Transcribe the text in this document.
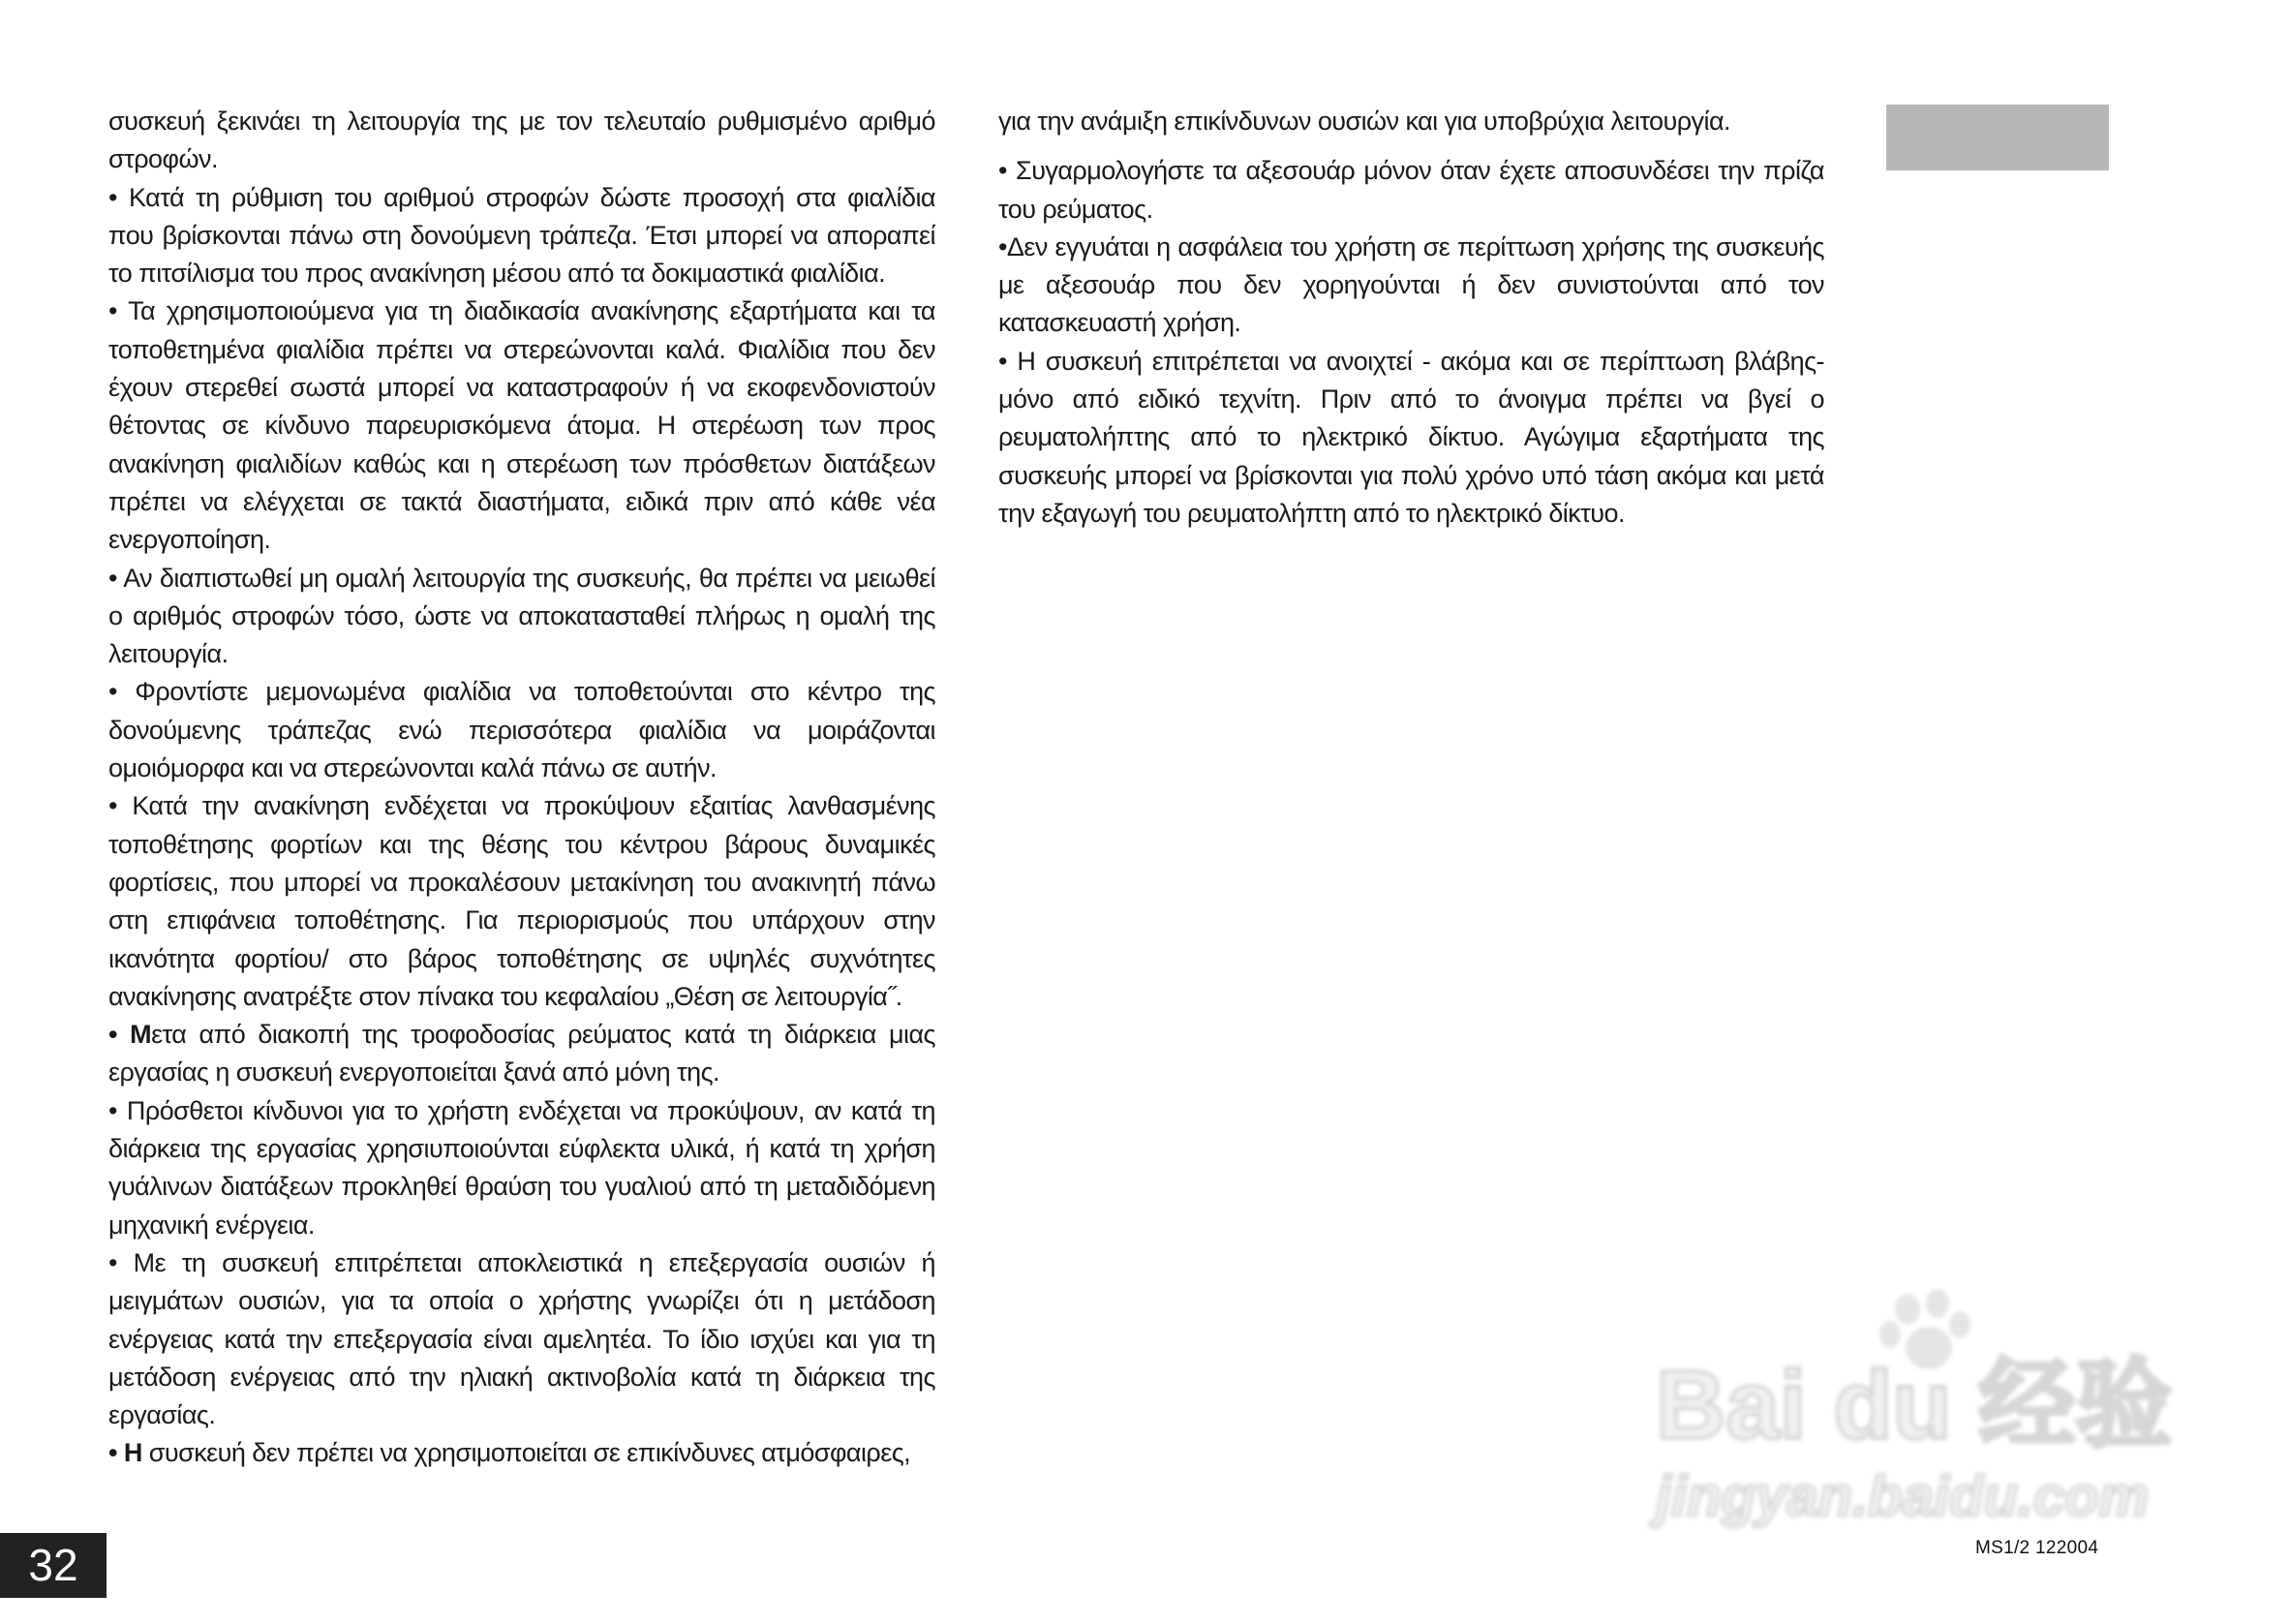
συσκευή ξεκινάει τη λειτουργία της με τον τελευταίο ρυθμισμένο αριθμό στροφών.

• Κατά τη ρύθμιση του αριθμού στροφών δώστε προσοχή στα φιαλίδια που βρίσκονται πάνω στη δονούμενη τράπεζα. Έτσι μπορεί να αποραπεί το πιτσίλισμα του προς ανακίνηση μέσου από τα δοκιμαστικά φιαλίδια.

• Τα χρησιμοποιούμενα για τη διαδικασία ανακίνησης εξαρτήματα και τα τοποθετημένα φιαλίδια πρέπει να στερεώνονται καλά. Φιαλίδια που δεν έχουν στερεθεί σωστά μπορεί να καταστραφούν ή να εκοφενδονιστούν θέτοντας σε κίνδυνο παρευρισκόμενα άτομα. Η στερέωση των προς ανακίνηση φιαλιδίων καθώς και η στερέωση των πρόσθετων διατάξεων πρέπει να ελέγχεται σε τακτά διαστήματα, ειδικά πριν από κάθε νέα ενεργοποίηση.

• Αν διαπιστωθεί μη ομαλή λειτουργία της συσκευής, θα πρέπει να μειωθεί ο αριθμός στροφών τόσο, ώστε να αποκατασταθεί πλήρως η ομαλή της λειτουργία.

• Φροντίστε μεμονωμένα φιαλίδια να τοποθετούνται στο κέντρο της δονούμενης τράπεζας ενώ περισσότερα φιαλίδια να μοιράζονται ομοιόμορφα και να στερεώνονται καλά πάνω σε αυτήν.

• Κατά την ανακίνηση ενδέχεται να προκύψουν εξαιτίας λανθασμένης τοποθέτησης φορτίων και της θέσης του κέντρου βάρους δυναμικές φορτίσεις, που μπορεί να προκαλέσουν μετακίνηση του ανακινητή πάνω στη επιφάνεια τοποθέτησης. Για περιορισμούς που υπάρχουν στην ικανότητα φορτίου/ στο βάρος τοποθέτησης σε υψηλές συχνότητες ανακίνησης ανατρέξτε στον πίνακα του κεφαλαίου „Θέση σε λειτουργία˝.

• Μετα από διακοπή της τροφοδοσίας ρεύματος κατά τη διάρκεια μιας εργασίας η συσκευή ενεργοποιείται ξανά από μόνη της.

• Πρόσθετοι κίνδυνοι για το χρήστη ενδέχεται να προκύψουν, αν κατά τη διάρκεια της εργασίας χρησιυποιούνται εύφλεκτα υλικά, ή κατά τη χρήση γυάλινων διατάξεων προκληθεί θραύση του γυαλιού από τη μεταδιδόμενη μηχανική ενέργεια.

• Με τη συσκευή επιτρέπεται αποκλειστικά η επεξεργασία ουσιών ή μειγμάτων ουσιών, για τα οποία ο χρήστης γνωρίζει ότι η μετάδοση ενέργειας κατά την επεξεργασία είναι αμελητέα. Το ίδιο ισχύει και για τη μετάδοση ενέργειας από την ηλιακή ακτινοβολία κατά τη διάρκεια της εργασίας.

• Η συσκευή δεν πρέπει να χρησιμοποιείται σε επικίνδυνες ατμόσφαιρες,

για την ανάμιξη επικίνδυνων ουσιών και για υποβρύχια λειτουργία.

• Συγαρμολογήστε τα αξεσουάρ μόνον όταν έχετε αποσυνδέσει την πρίζα του ρεύματος.

•Δεν εγγυάται η ασφάλεια του χρήστη σε περίττωση χρήσης της συσκευής με αξεσουάρ που δεν χορηγούνται ή δεν συνιστούνται από τον κατασκευαστή χρήση.

• Η συσκευή επιτρέπεται να ανοιχτεί - ακόμα και σε περίπτωση βλάβης- μόνο από ειδικό τεχνίτη. Πριν από το άνοιγμα πρέπει να βγεί ο ρευματολήπτης από το ηλεκτρικό δίκτυο. Αγώγιμα εξαρτήματα της συσκευής μπορεί να βρίσκονται για πολύ χρόνο υπό τάση ακόμα και μετά την εξαγωγή του ρευματολήπτη από το ηλεκτρικό δίκτυο.

32	MS1/2 122004
Bai du 经验
jingyan.baidu.com
